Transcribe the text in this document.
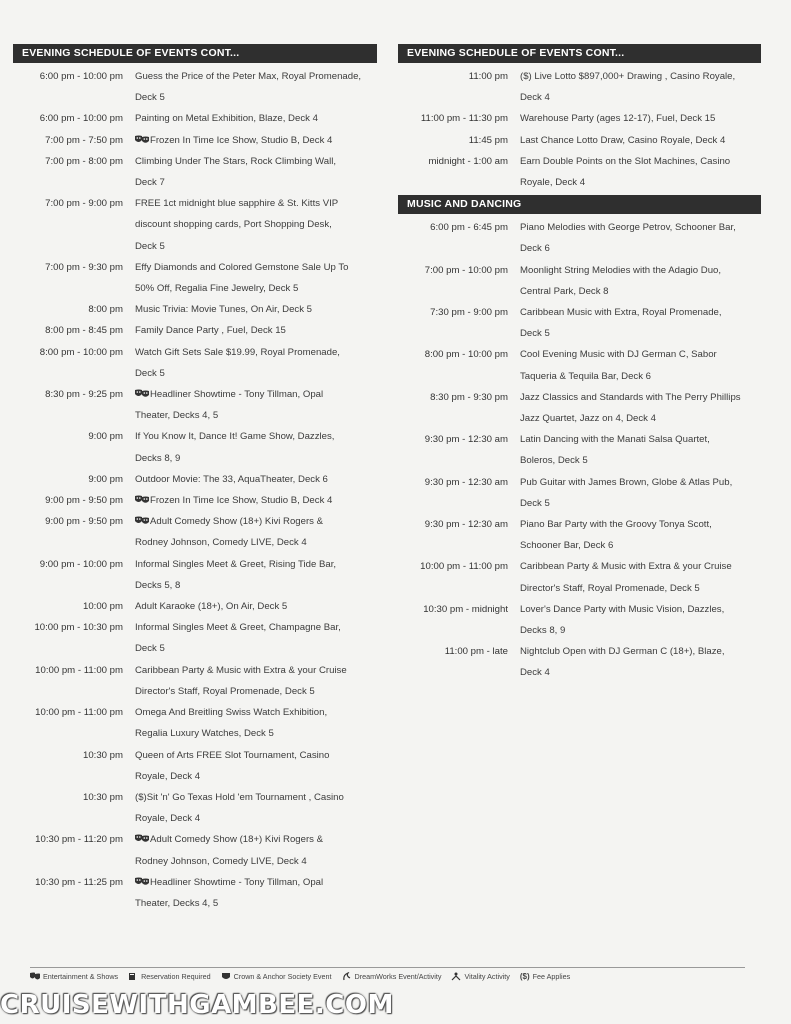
EVENING SCHEDULE OF EVENTS CONT...
6:00 pm - 10:00 pm	Guess the Price of the Peter Max, Royal Promenade,
Deck 5
6:00 pm - 10:00 pm	Painting on Metal Exhibition, Blaze, Deck 4
7:00 pm - 7:50 pm	Frozen In Time Ice Show, Studio B, Deck 4
7:00 pm - 8:00 pm	Climbing Under The Stars, Rock Climbing Wall,
Deck 7
7:00 pm - 9:00 pm	FREE 1ct midnight blue sapphire & St. Kitts VIP
discount shopping cards, Port Shopping Desk,
Deck 5
7:00 pm - 9:30 pm	Effy Diamonds and Colored Gemstone Sale Up To
50% Off, Regalia Fine Jewelry, Deck 5
8:00 pm	Music Trivia: Movie Tunes, On Air, Deck 5
8:00 pm - 8:45 pm	Family Dance Party , Fuel, Deck 15
8:00 pm - 10:00 pm	Watch Gift Sets Sale $19.99, Royal Promenade,
Deck 5
8:30 pm - 9:25 pm	Headliner Showtime - Tony Tillman, Opal
Theater, Decks 4, 5
9:00 pm	If You Know It, Dance It! Game Show, Dazzles,
Decks 8, 9
9:00 pm	Outdoor Movie: The 33, AquaTheater, Deck 6
9:00 pm - 9:50 pm	Frozen In Time Ice Show, Studio B, Deck 4
9:00 pm - 9:50 pm	Adult Comedy Show (18+) Kivi Rogers &
Rodney Johnson, Comedy LIVE, Deck 4
9:00 pm - 10:00 pm	Informal Singles Meet & Greet, Rising Tide Bar,
Decks 5, 8
10:00 pm	Adult Karaoke (18+), On Air, Deck 5
10:00 pm - 10:30 pm	Informal Singles Meet & Greet, Champagne Bar,
Deck 5
10:00 pm - 11:00 pm	Caribbean Party & Music with Extra & your Cruise
Director's Staff, Royal Promenade, Deck 5
10:00 pm - 11:00 pm	Omega And Breitling Swiss Watch Exhibition,
Regalia Luxury Watches, Deck 5
10:30 pm	Queen of Arts FREE Slot Tournament, Casino
Royale, Deck 4
10:30 pm	($)Sit 'n' Go Texas Hold 'em Tournament , Casino
Royale, Deck 4
10:30 pm - 11:20 pm	Adult Comedy Show (18+) Kivi Rogers &
Rodney Johnson, Comedy LIVE, Deck 4
10:30 pm - 11:25 pm	Headliner Showtime - Tony Tillman, Opal
Theater, Decks 4, 5
EVENING SCHEDULE OF EVENTS CONT...
11:00 pm	($) Live Lotto $897,000+ Drawing , Casino Royale,
Deck 4
11:00 pm - 11:30 pm	Warehouse Party (ages 12-17), Fuel, Deck 15
11:45 pm	Last Chance Lotto Draw, Casino Royale, Deck 4
midnight - 1:00 am	Earn Double Points on the Slot Machines, Casino
Royale, Deck 4
MUSIC AND DANCING
6:00 pm - 6:45 pm	Piano Melodies with George Petrov, Schooner Bar,
Deck 6
7:00 pm - 10:00 pm	Moonlight String Melodies with the Adagio Duo,
Central Park, Deck 8
7:30 pm - 9:00 pm	Caribbean Music with Extra, Royal Promenade,
Deck 5
8:00 pm - 10:00 pm	Cool Evening Music with DJ German C, Sabor
Taqueria & Tequila Bar, Deck 6
8:30 pm - 9:30 pm	Jazz Classics and Standards with The Perry Phillips
Jazz Quartet, Jazz on 4, Deck 4
9:30 pm - 12:30 am	Latin Dancing with the Manati Salsa Quartet,
Boleros, Deck 5
9:30 pm - 12:30 am	Pub Guitar with James Brown, Globe & Atlas Pub,
Deck 5
9:30 pm - 12:30 am	Piano Bar Party with the Groovy Tonya Scott,
Schooner Bar, Deck 6
10:00 pm - 11:00 pm	Caribbean Party & Music with Extra & your Cruise
Director's Staff, Royal Promenade, Deck 5
10:30 pm - midnight	Lover's Dance Party with Music Vision, Dazzles,
Decks 8, 9
11:00 pm - late	Nightclub Open with DJ German C (18+), Blaze,
Deck 4
Entertainment & Shows	Reservation Required	Crown & Anchor Society Event	DreamWorks Event/Activity	Vitality Activity ($) Fee Applies
CRUISEWITHGAMBEE.COM
